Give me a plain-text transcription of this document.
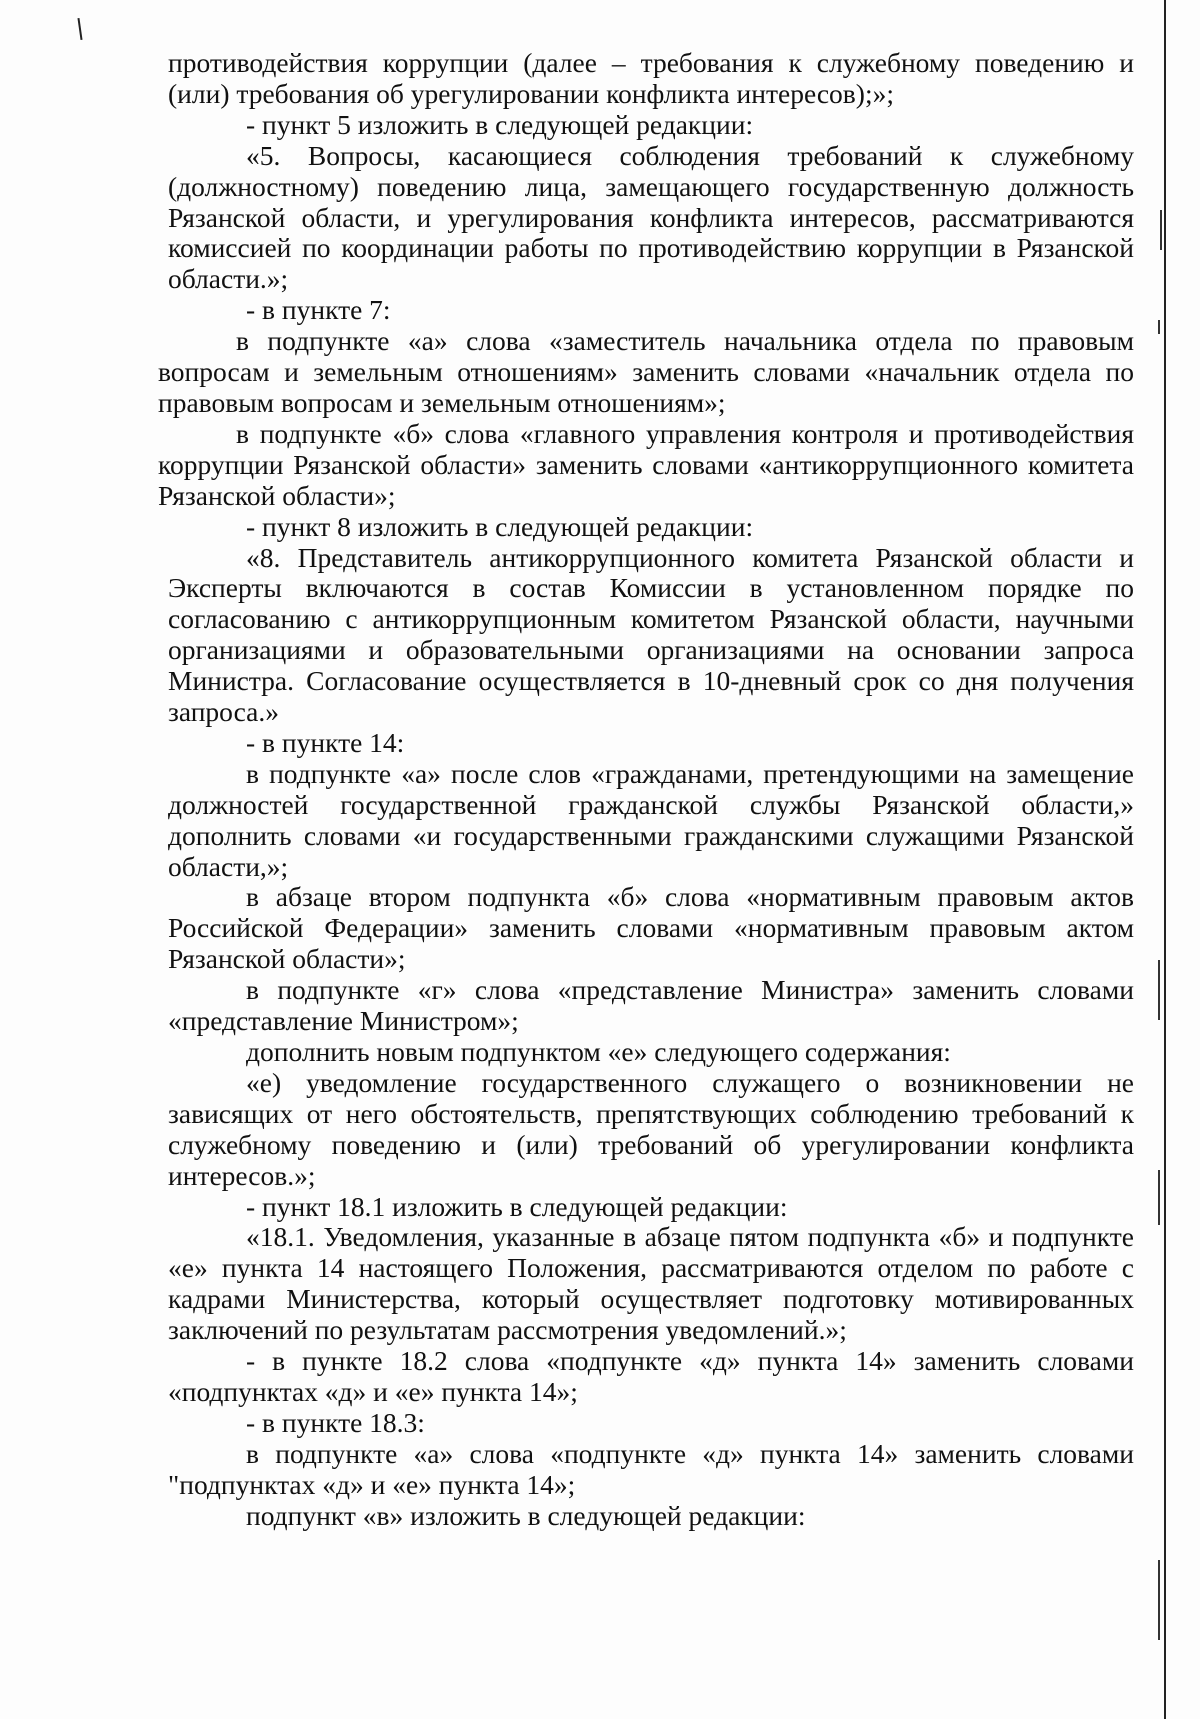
противодействия коррупции (далее – требования к служебному поведению и (или) требования об урегулировании конфликта интересов);»;

- пункт 5 изложить в следующей редакции:

«5. Вопросы, касающиеся соблюдения требований к служебному (должностному) поведению лица, замещающего государственную должность Рязанской области, и урегулирования конфликта интересов, рассматриваются комиссией по координации работы по противодействию коррупции в Рязанской области.»;

- в пункте 7:

в подпункте «а» слова «заместитель начальника отдела по правовым вопросам и земельным отношениям» заменить словами «начальник отдела по правовым вопросам и земельным отношениям»;

в подпункте «б» слова «главного управления контроля и противодействия коррупции Рязанской области» заменить словами «антикоррупционного комитета Рязанской области»;

- пункт 8 изложить в следующей редакции:

«8. Представитель антикоррупционного комитета Рязанской области и Эксперты включаются в состав Комиссии в установленном порядке по согласованию с антикоррупционным комитетом Рязанской области, научными организациями и образовательными организациями на основании запроса Министра. Согласование осуществляется в 10-дневный срок со дня получения запроса.»

- в пункте 14:

в подпункте «а» после слов «гражданами, претендующими на замещение должностей государственной гражданской службы Рязанской области,» дополнить словами «и государственными гражданскими служащими Рязанской области,»;

в абзаце втором подпункта «б» слова «нормативным правовым актов Российской Федерации» заменить словами «нормативным правовым актом Рязанской области»;

в подпункте «г» слова «представление Министра» заменить словами «представление Министром»;

дополнить новым подпунктом «е» следующего содержания:

«е) уведомление государственного служащего о возникновении не зависящих от него обстоятельств, препятствующих соблюдению требований к служебному поведению и (или) требований об урегулировании конфликта интересов.»;

- пункт 18.1 изложить в следующей редакции:

«18.1. Уведомления, указанные в абзаце пятом подпункта «б» и подпункте «е» пункта 14 настоящего Положения, рассматриваются отделом по работе с кадрами Министерства, который осуществляет подготовку мотивированных заключений по результатам рассмотрения уведомлений.»;

- в пункте 18.2 слова «подпункте «д» пункта 14» заменить словами «подпунктах «д» и «е» пункта 14»;

- в пункте 18.3:

в подпункте «а» слова «подпункте «д» пункта 14» заменить словами "подпунктах «д» и «е» пункта 14»;

подпункт «в» изложить в следующей редакции:
